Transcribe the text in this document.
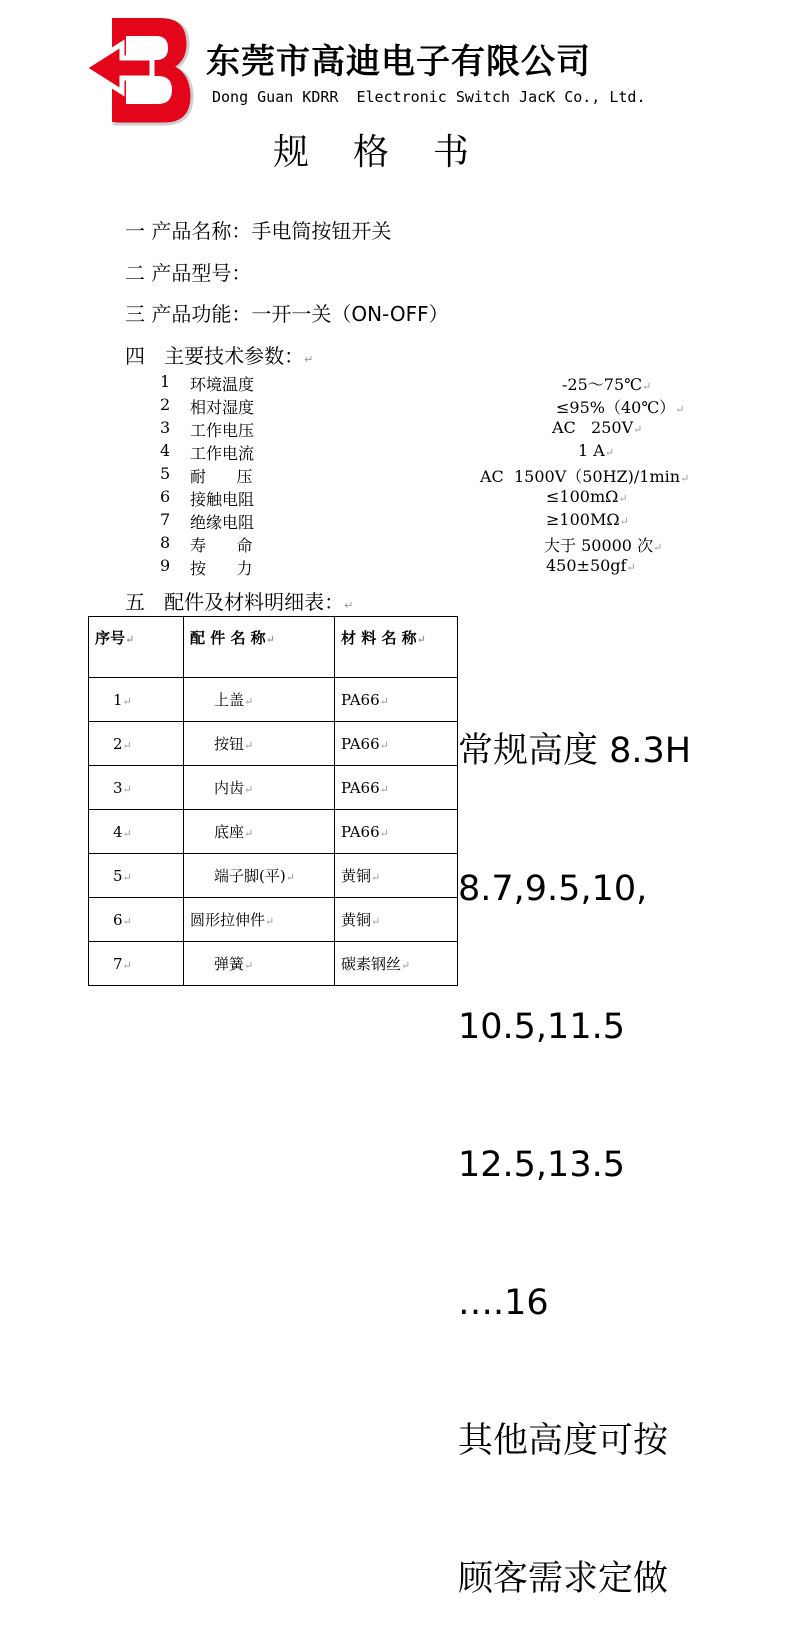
东莞市高迪电子有限公司
Dong Guan KDRR  Electronic Switch JacK Co., Ltd.
规格书
一 产品名称：手电筒按钮开关
二 产品型号：
三 产品功能：一开一关（ON-OFF）
四   主要技术参数：↵
1 环境温度	-25～75℃↵
2 相对湿度	≤95%（40℃）↵
3 工作电压	AC   250V↵
4 工作电流	1 A↵
5 耐      压	AC  1500V（50HZ)/1min↵
6 接触电阻	≤100mΩ↵
7 绝缘电阻	≥100MΩ↵
8 寿      命	大于 50000 次↵
9 按      力	450±50gf↵
五   配件及材料明细表：↵
序号↵	配 件 名 称↵	材 料 名 称↵
1↵	上盖↵	PA66↵
2↵	按钮↵	PA66↵
3↵	内齿↵	PA66↵
4↵	底座↵	PA66↵
5↵	端子脚(平)↵	黄铜↵
6↵	圆形拉伸件↵	黄铜↵
7↵	弹簧↵	碳素钢丝↵

常规高度 8.3H

8.7,9.5,10,

10.5,11.5

12.5,13.5

….16

其他高度可按

顾客需求定做
